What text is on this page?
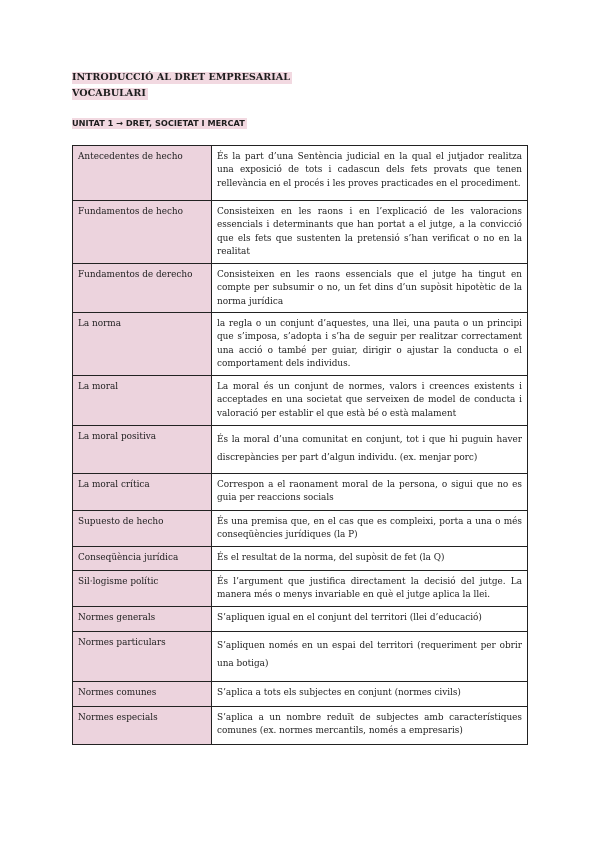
INTRODUCCIÓ AL DRET EMPRESARIAL
VOCABULARI
UNITAT 1 → DRET, SOCIETAT I MERCAT
Antecedentes de hecho	És la part d’una Sentència judicial en la qual el jutjador realitza una exposició de tots i cadascun dels fets provats que tenen rellevància en el procés i les proves practicades en el procediment.
Fundamentos de hecho	Consisteixen en les raons i en l’explicació de les valoracions essencials i determinants que han portat a el jutge, a la convicció que els fets que sustenten la pretensió s’han verificat o no en la realitat
Fundamentos de derecho	Consisteixen en les raons essencials que el jutge ha tingut en compte per subsumir o no, un fet dins d’un supòsit hipotètic de la norma jurídica
La norma	la regla o un conjunt d’aquestes, una llei, una pauta o un principi que s’imposa, s’adopta i s’ha de seguir per realitzar correctament una acció o també per guiar, dirigir o ajustar la conducta o el comportament dels individus.
La moral	La moral és un conjunt de normes, valors i creences existents i acceptades en una societat que serveixen de model de conducta i valoració per establir el que està bé o està malament
La moral positiva	És la moral d’una comunitat en conjunt, tot i que hi puguin haver discrepàncies per part d’algun individu. (ex. menjar porc)
La moral crítica	Correspon a el raonament moral de la persona, o sigui que no es guia per reaccions socials
Supuesto de hecho	És una premisa que, en el cas que es compleixi, porta a una o més conseqüències jurídiques (la P)
Conseqüència jurídica	És el resultat de la norma, del supòsit de fet (la Q)
Sil·logisme polític	És l’argument que justifica directament la decisió del jutge. La manera més o menys invariable en què el jutge aplica la llei.
Normes generals	S’apliquen igual en el conjunt del territori (llei d’educació)
Normes particulars	S’apliquen només en un espai del territori (requeriment per obrir una botiga)
Normes comunes	S’aplica a tots els subjectes en conjunt (normes civils)
Normes especials	S’aplica a un nombre reduït de subjectes amb característiques comunes (ex. normes mercantils, només a empresaris)
